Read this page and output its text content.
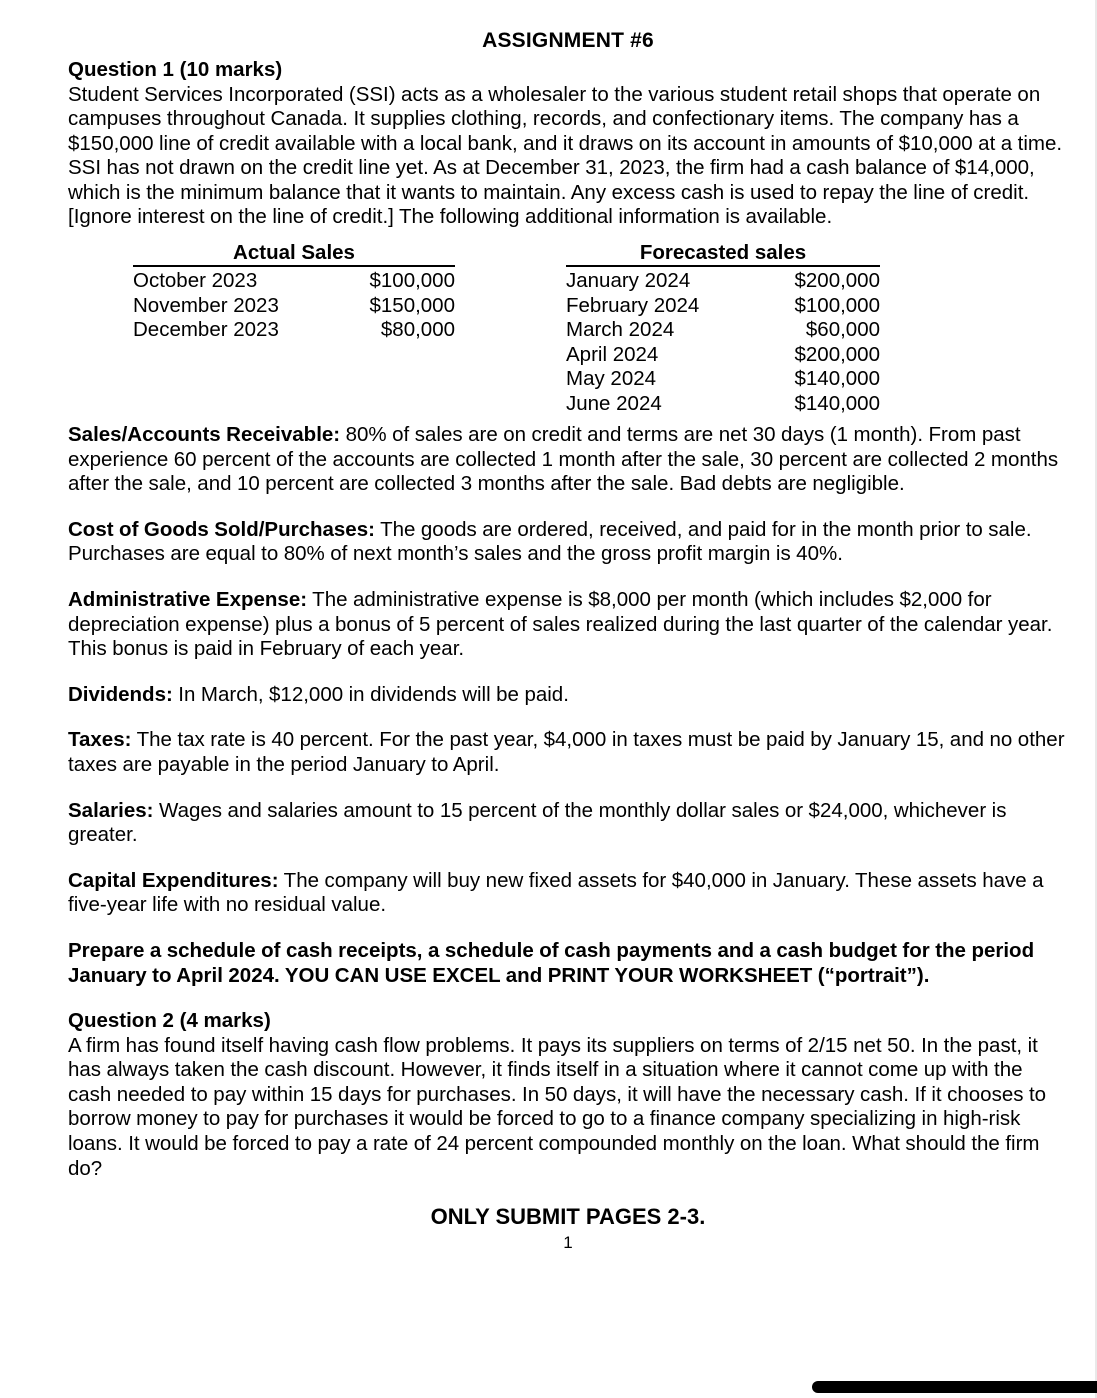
ASSIGNMENT #6
Question 1 (10 marks)

Student Services Incorporated (SSI) acts as a wholesaler to the various student retail shops that operate on campuses throughout Canada. It supplies clothing, records, and confectionary items. The company has a $150,000 line of credit available with a local bank, and it draws on its account in amounts of $10,000 at a time. SSI has not drawn on the credit line yet. As at December 31, 2023, the firm had a cash balance of $14,000, which is the minimum balance that it wants to maintain. Any excess cash is used to repay the line of credit. [Ignore interest on the line of credit.] The following additional information is available.

Actual Sales
October 2023	$100,000
November 2023	$150,000
December 2023	$80,000
Forecasted sales
January 2024	$200,000
February 2024	$100,000
March 2024	$60,000
April 2024	$200,000
May 2024	$140,000
June 2024	$140,000

Sales/Accounts Receivable: 80% of sales are on credit and terms are net 30 days (1 month). From past experience 60 percent of the accounts are collected 1 month after the sale, 30 percent are collected 2 months after the sale, and 10 percent are collected 3 months after the sale. Bad debts are negligible.

Cost of Goods Sold/Purchases: The goods are ordered, received, and paid for in the month prior to sale. Purchases are equal to 80% of next month’s sales and the gross profit margin is 40%.

Administrative Expense: The administrative expense is $8,000 per month (which includes $2,000 for depreciation expense) plus a bonus of 5 percent of sales realized during the last quarter of the calendar year. This bonus is paid in February of each year.

Dividends: In March, $12,000 in dividends will be paid.

Taxes: The tax rate is 40 percent. For the past year, $4,000 in taxes must be paid by January 15, and no other taxes are payable in the period January to April.

Salaries: Wages and salaries amount to 15 percent of the monthly dollar sales or $24,000, whichever is greater.

Capital Expenditures: The company will buy new fixed assets for $40,000 in January. These assets have a five-year life with no residual value.

Prepare a schedule of cash receipts, a schedule of cash payments and a cash budget for the period January to April 2024. YOU CAN USE EXCEL and PRINT YOUR WORKSHEET (“portrait”).

Question 2 (4 marks)

A firm has found itself having cash flow problems. It pays its suppliers on terms of 2/15 net 50. In the past, it has always taken the cash discount. However, it finds itself in a situation where it cannot come up with the cash needed to pay within 15 days for purchases. In 50 days, it will have the necessary cash. If it chooses to borrow money to pay for purchases it would be forced to go to a finance company specializing in high-risk loans. It would be forced to pay a rate of 24 percent compounded monthly on the loan. What should the firm do?

ONLY SUBMIT PAGES 2-3.
1
